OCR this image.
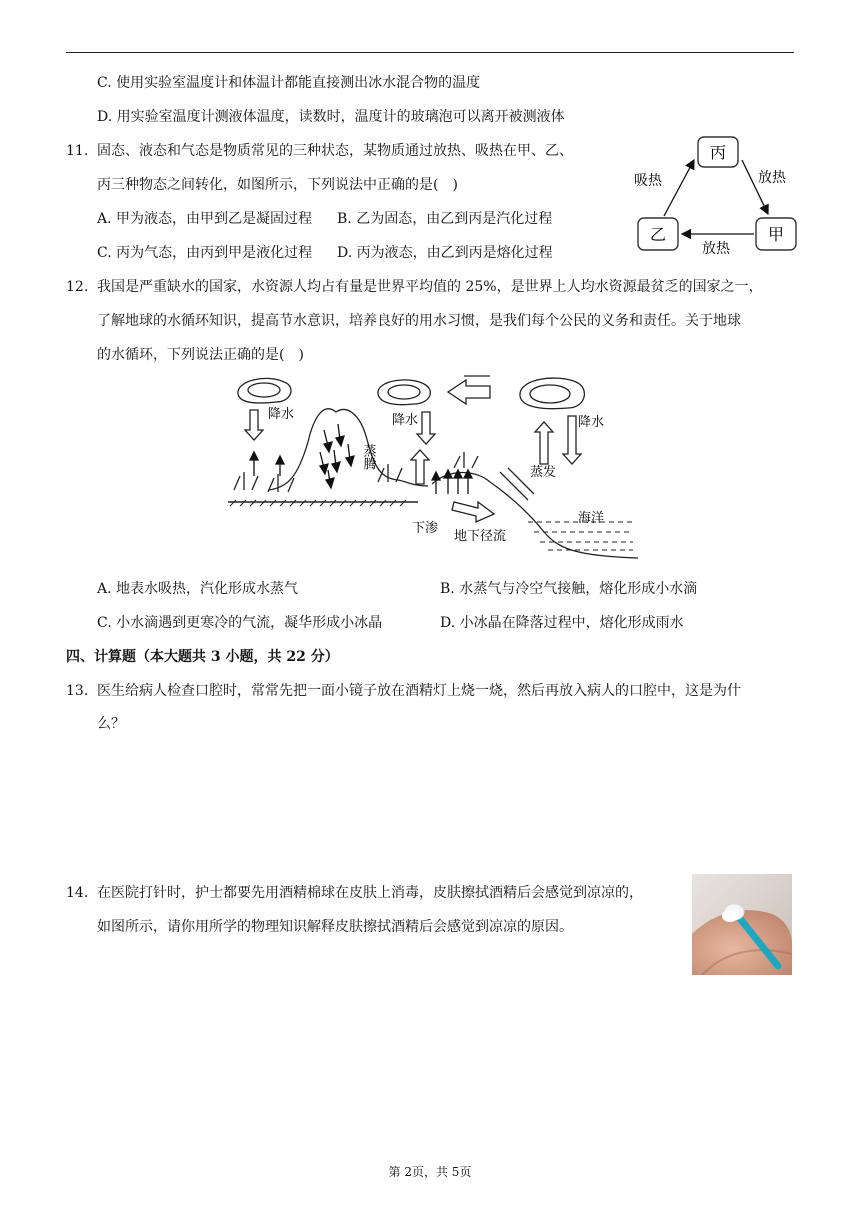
C. 使用实验室温度计和体温计都能直接测出冰水混合物的温度
D. 用实验室温度计测液体温度，读数时，温度计的玻璃泡可以离开被测液体
11. 固态、液态和气态是物质常见的三种状态，某物质通过放热、吸热在甲、乙、
丙三种物态之间转化，如图所示，下列说法中正确的是(　)
A. 甲为液态，由甲到乙是凝固过程 B. 乙为固态，由乙到丙是汽化过程
C. 丙为气态，由丙到甲是液化过程 D. 丙为液态，由乙到丙是熔化过程
丙
乙	甲
吸热	放热
放热
12. 我国是严重缺水的国家，水资源人均占有量是世界平均值的 25%，是世界上人均水资源最贫乏的国家之一，
了解地球的水循环知识，提高节水意识，培养良好的用水习惯，是我们每个公民的义务和责任。关于地球
的水循环，下列说法正确的是(　)
降水	降水	降水
蒸腾
蒸发
下渗
地下径流
海洋
A. 地表水吸热，汽化形成水蒸气	B. 水蒸气与冷空气接触，熔化形成小水滴
C. 小水滴遇到更寒冷的气流，凝华形成小冰晶	D. 小冰晶在降落过程中，熔化形成雨水
四、计算题（本大题共 3 小题，共 22 分）
13. 医生给病人检查口腔时，常常先把一面小镜子放在酒精灯上烧一烧，然后再放入病人的口腔中，这是为什
么？
14. 在医院打针时，护士都要先用酒精棉球在皮肤上消毒，皮肤擦拭酒精后会感觉到凉凉的，
如图所示，请你用所学的物理知识解释皮肤擦拭酒精后会感觉到凉凉的原因。
第 2页，共 5页
